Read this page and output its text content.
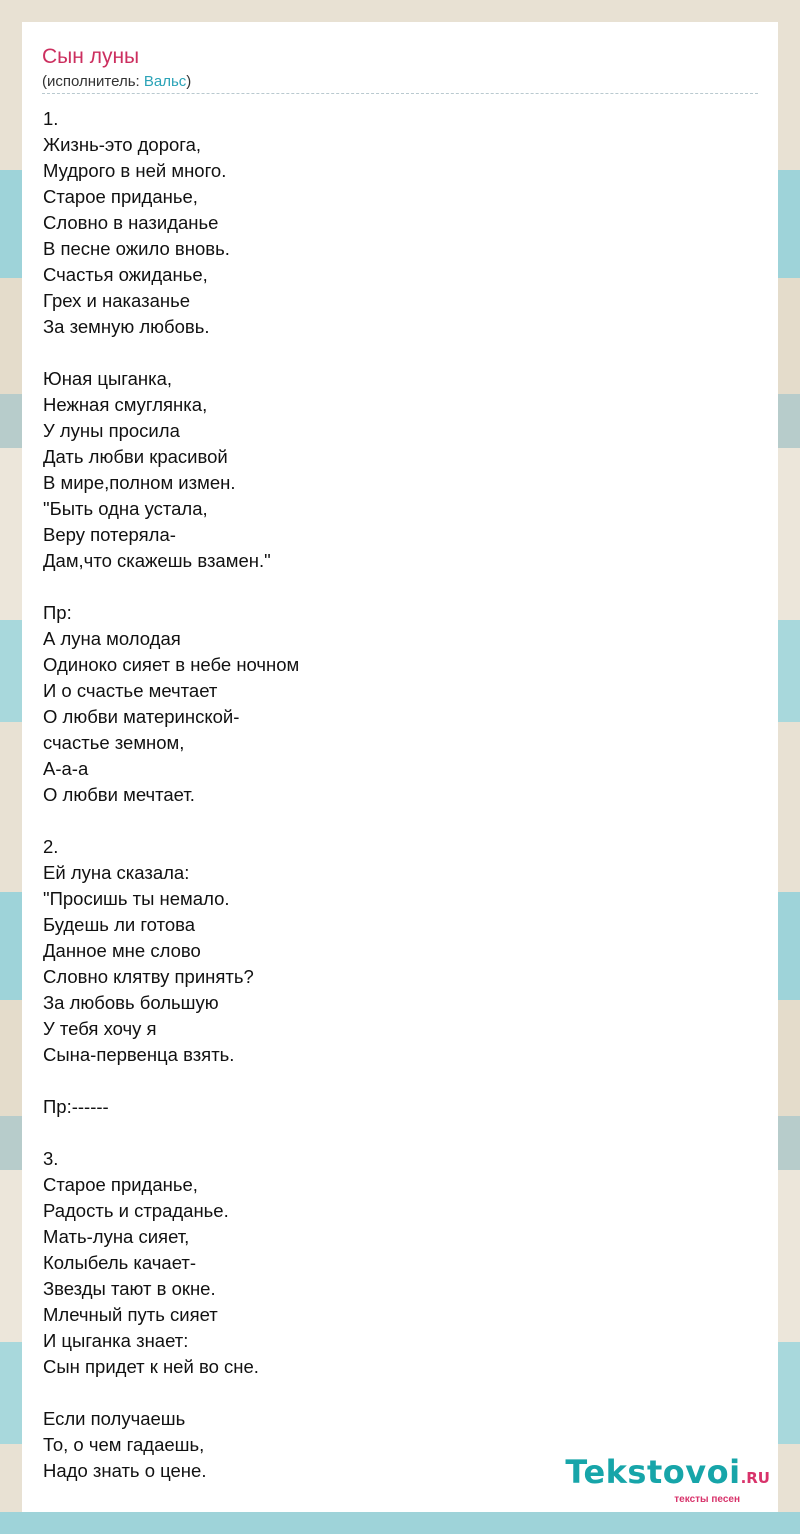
Сын луны
(исполнитель: Вальс)
1.
Жизнь-это дорога,
Мудрого в ней много.
Старое приданье,
Словно в назиданье
В песне ожило вновь.
Счастья ожиданье,
Грех и наказанье
За земную любовь.

Юная цыганка,
Нежная смуглянка,
У луны просила
Дать любви красивой
В мире,полном измен.
"Быть одна устала,
Веру потеряла-
Дам,что скажешь взамен."

Пр:
А луна молодая
Одиноко сияет в небе ночном
И о счастье мечтает
О любви материнской-
счастье земном,
А-а-а
О любви мечтает.

2.
Ей луна сказала:
"Просишь ты немало.
Будешь ли готова
Данное мне слово
Словно клятву принять?
За любовь большую
У тебя хочу я
Сына-первенца взять.

Пр:------

3.
Старое приданье,
Радость и страданье.
Мать-луна сияет,
Колыбель качает-
Звезды тают в окне.
Млечный путь сияет
И цыганка знает:
Сын придет к ней во сне.

Если получаешь
То, о чем гадаешь,
Надо знать о цене.	Tekstovoi.RU
тексты песен
